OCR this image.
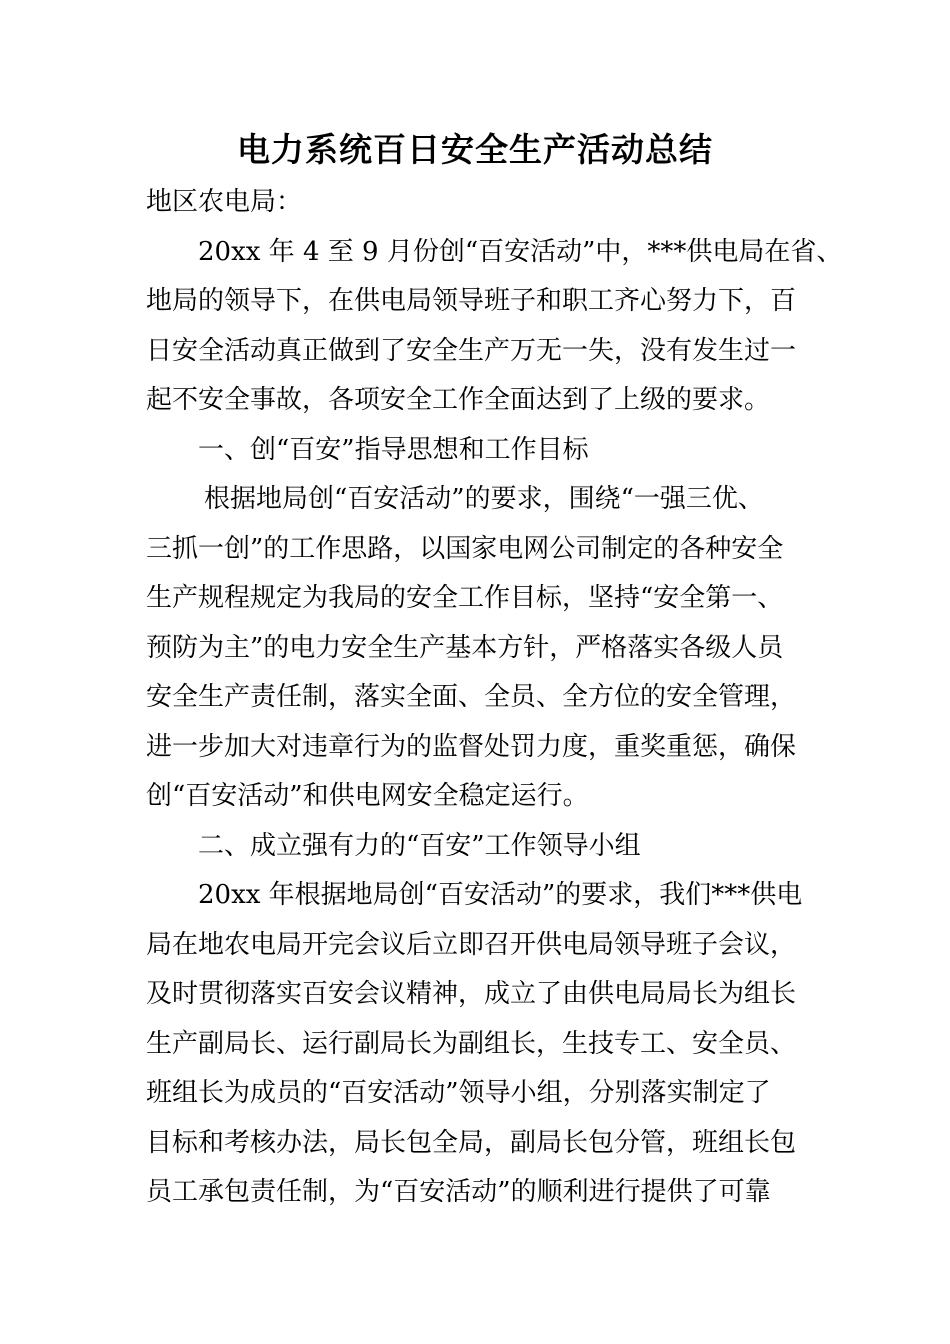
电力系统百日安全生产活动总结
地区农电局：
20xx 年 4 至 9 月份创“百安活动”中，***供电局在省、
地局的领导下，在供电局领导班子和职工齐心努力下，百
日安全活动真正做到了安全生产万无一失，没有发生过一
起不安全事故，各项安全工作全面达到了上级的要求。
一、创“百安”指导思想和工作目标
根据地局创“百安活动”的要求，围绕“一强三优、
三抓一创”的工作思路，以国家电网公司制定的各种安全
生产规程规定为我局的安全工作目标，坚持“安全第一、
预防为主”的电力安全生产基本方针，严格落实各级人员
安全生产责任制，落实全面、全员、全方位的安全管理，
进一步加大对违章行为的监督处罚力度，重奖重惩，确保
创“百安活动”和供电网安全稳定运行。
二、成立强有力的“百安”工作领导小组
20xx 年根据地局创“百安活动”的要求，我们***供电
局在地农电局开完会议后立即召开供电局领导班子会议，
及时贯彻落实百安会议精神，成立了由供电局局长为组长
生产副局长、运行副局长为副组长，生技专工、安全员、
班组长为成员的“百安活动”领导小组，分别落实制定了
目标和考核办法，局长包全局，副局长包分管，班组长包
员工承包责任制，为“百安活动”的顺利进行提供了可靠
